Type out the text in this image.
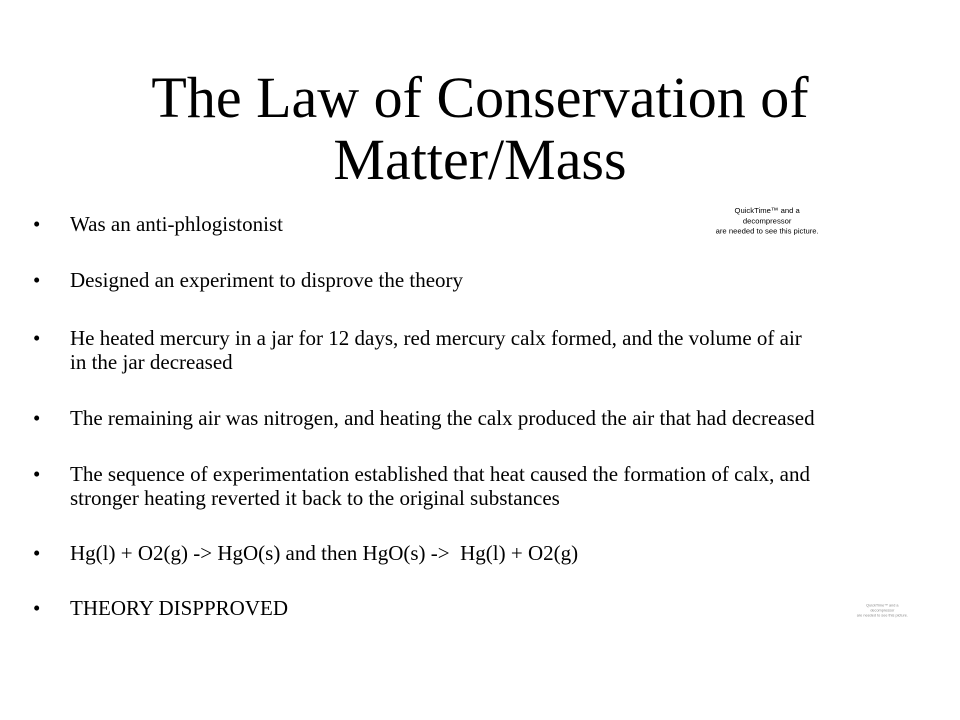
The Law of Conservation of
Matter/Mass
•	Was an anti-phlogistonist
•	Designed an experiment to disprove the theory
•	He heated mercury in a jar for 12 days, red mercury calx formed, and the volume of air
in the jar decreased
•	The remaining air was nitrogen, and heating the calx produced the air that had decreased
•	The sequence of experimentation established that heat caused the formation of calx, and
stronger heating reverted it back to the original substances
•	Hg(l) + O2(g) -> HgO(s) and then HgO(s) ->  Hg(l) + O2(g)
•	THEORY DISPPROVED
QuickTime™ and a
decompressor
are needed to see this picture.
QuickTime™ and a
decompressor
are needed to see this picture.
